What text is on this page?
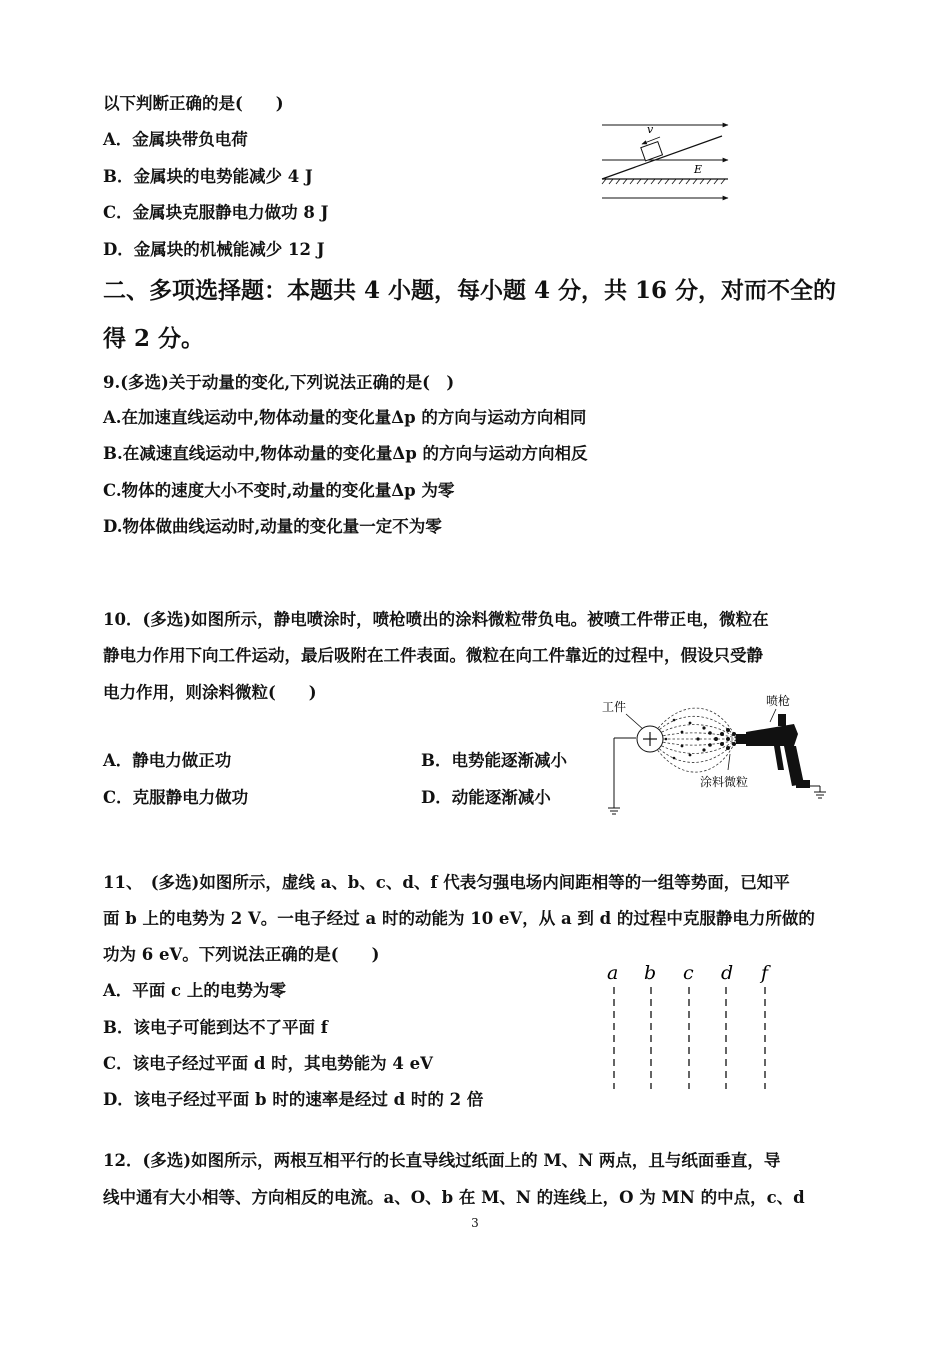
以下判断正确的是(　　)
A．金属块带负电荷
B．金属块的电势能减少 4 J
C．金属块克服静电力做功 8 J
D．金属块的机械能减少 12 J
v
E
二、多项选择题：本题共 4 小题，每小题 4 分，共 16 分，对而不全的
得 2 分。
9.(多选)关于动量的变化,下列说法正确的是(　)
A.在加速直线运动中,物体动量的变化量Δp 的方向与运动方向相同
B.在减速直线运动中,物体动量的变化量Δp 的方向与运动方向相反
C.物体的速度大小不变时,动量的变化量Δp 为零
D.物体做曲线运动时,动量的变化量一定不为零
10．(多选)如图所示，静电喷涂时，喷枪喷出的涂料微粒带负电。被喷工件带正电，微粒在
静电力作用下向工件运动，最后吸附在工件表面。微粒在向工件靠近的过程中，假设只受静
电力作用，则涂料微粒(　　)
A．静电力做正功	B．电势能逐渐减小
C．克服静电力做功	D．动能逐渐减小
工件	喷枪
涂料微粒
11、　(多选)如图所示，虚线 a、b、c、d、f 代表匀强电场内间距相等的一组等势面，已知平
面 b 上的电势为 2 V。一电子经过 a 时的动能为 10 eV，从 a 到 d 的过程中克服静电力所做的
功为 6 eV。下列说法正确的是(　　)
A．平面 c 上的电势为零
B．该电子可能到达不了平面 f
C．该电子经过平面 d 时，其电势能为 4 eV
D．该电子经过平面 b 时的速率是经过 d 时的 2 倍
a b c d f
12．(多选)如图所示，两根互相平行的长直导线过纸面上的 M、N 两点，且与纸面垂直，导
线中通有大小相等、方向相反的电流。a、O、b 在 M、N 的连线上，O 为 MN 的中点，c、d
3
